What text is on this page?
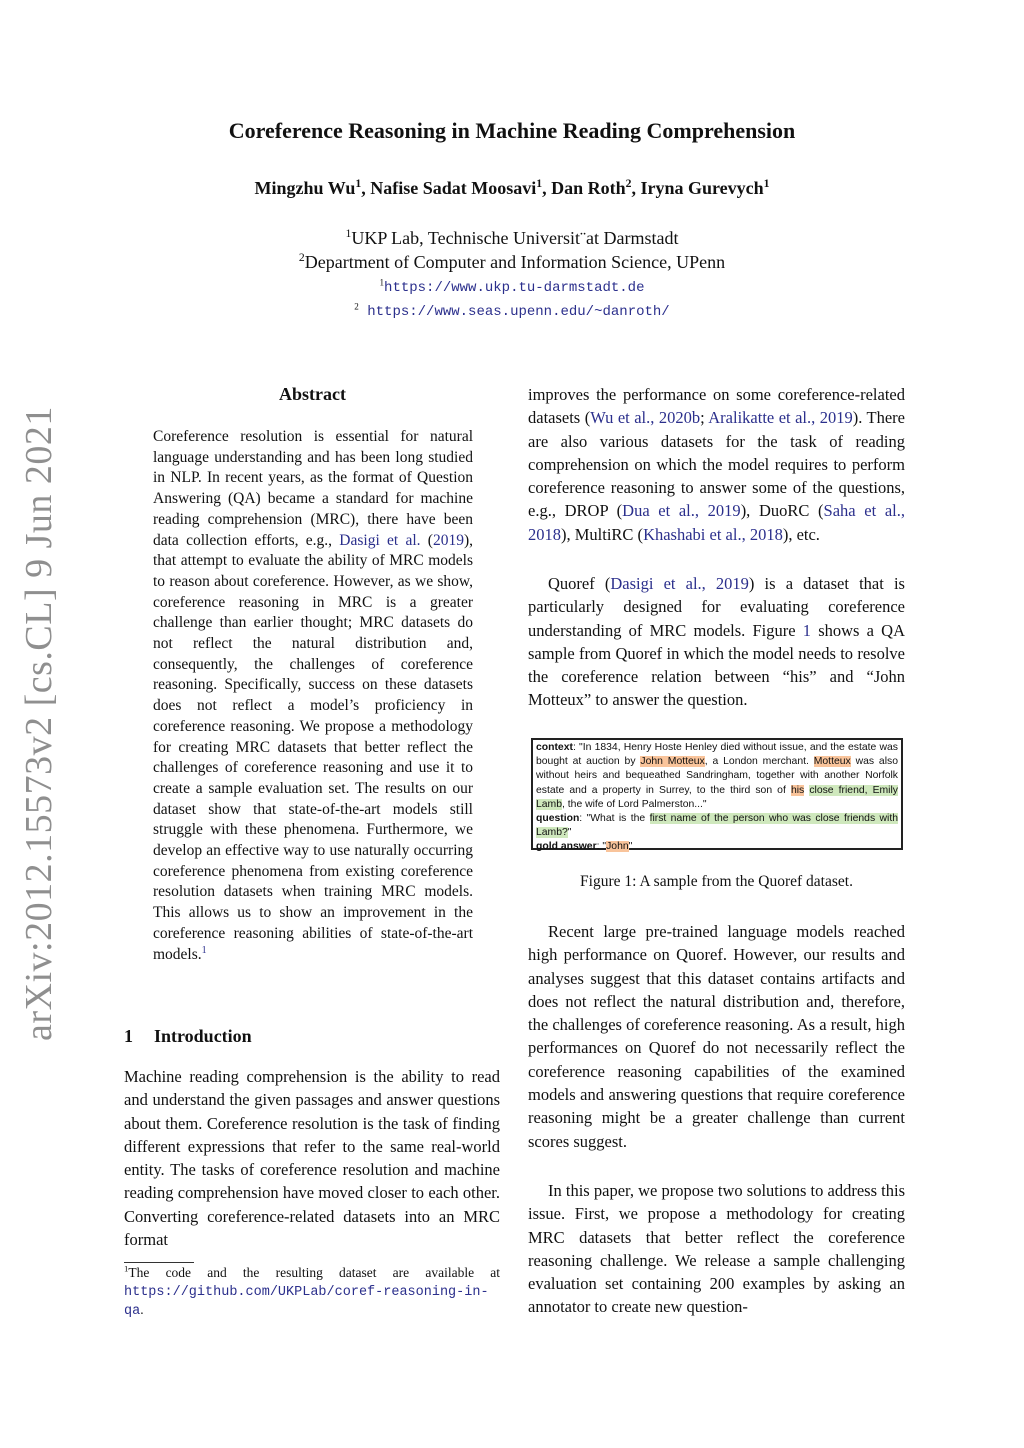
arXiv:2012.15573v2 [cs.CL] 9 Jun 2021
Coreference Reasoning in Machine Reading Comprehension
Mingzhu Wu$^1$, Nafise Sadat Moosavi$^1$, Dan Roth$^2$, Iryna Gurevych$^1$
$^1$UKP Lab, Technische Universit¨at Darmstadt
$^2$Department of Computer and Information Science, UPenn
$^1$https://www.ukp.tu-darmstadt.de
$^2$ https://www.seas.upenn.edu/~danroth/
Abstract
Coreference resolution is essential for natural language understanding and has been long studied in NLP. In recent years, as the format of Question Answering (QA) became a standard for machine reading comprehension (MRC), there have been data collection efforts, e.g., Dasigi et al. (2019), that attempt to evaluate the ability of MRC models to reason about coreference. However, as we show, coreference reasoning in MRC is a greater challenge than earlier thought; MRC datasets do not reflect the natural distribution and, consequently, the challenges of coreference reasoning. Specifically, success on these datasets does not reflect a model’s proficiency in coreference reasoning. We propose a methodology for creating MRC datasets that better reflect the challenges of coreference reasoning and use it to create a sample evaluation set. The results on our dataset show that state-of-the-art models still struggle with these phenomena. Furthermore, we develop an effective way to use naturally occurring coreference phenomena from existing coreference resolution datasets when training MRC models. This allows us to show an improvement in the coreference reasoning abilities of state-of-the-art models.$^1$
1 Introduction
Machine reading comprehension is the ability to read and understand the given passages and answer questions about them. Coreference resolution is the task of finding different expressions that refer to the same real-world entity. The tasks of coreference resolution and machine reading comprehension have moved closer to each other. Converting coreference-related datasets into an MRC format
$^1$The code and the resulting dataset are available at https://github.com/UKPLab/coref-reasoning-in-qa.
improves the performance on some coreference-related datasets (Wu et al., 2020b; Aralikatte et al., 2019). There are also various datasets for the task of reading comprehension on which the model requires to perform coreference reasoning to answer some of the questions, e.g., DROP (Dua et al., 2019), DuoRC (Saha et al., 2018), MultiRC (Khashabi et al., 2018), etc.
Quoref (Dasigi et al., 2019) is a dataset that is particularly designed for evaluating coreference understanding of MRC models. Figure 1 shows a QA sample from Quoref in which the model needs to resolve the coreference relation between “his” and “John Motteux” to answer the question.
context: "In 1834, Henry Hoste Henley died without issue, and the estate was bought at auction by John Motteux, a London merchant. Motteux was also without heirs and bequeathed Sandringham, together with another Norfolk estate and a property in Surrey, to the third son of his close friend, Emily Lamb, the wife of Lord Palmerston..."
question: "What is the first name of the person who was close friends with Lamb?"
gold answer: "John"
Figure 1: A sample from the Quoref dataset.
Recent large pre-trained language models reached high performance on Quoref. However, our results and analyses suggest that this dataset contains artifacts and does not reflect the natural distribution and, therefore, the challenges of coreference reasoning. As a result, high performances on Quoref do not necessarily reflect the coreference reasoning capabilities of the examined models and answering questions that require coreference reasoning might be a greater challenge than current scores suggest.
In this paper, we propose two solutions to address this issue. First, we propose a methodology for creating MRC datasets that better reflect the coreference reasoning challenge. We release a sample challenging evaluation set containing 200 examples by asking an annotator to create new question-
